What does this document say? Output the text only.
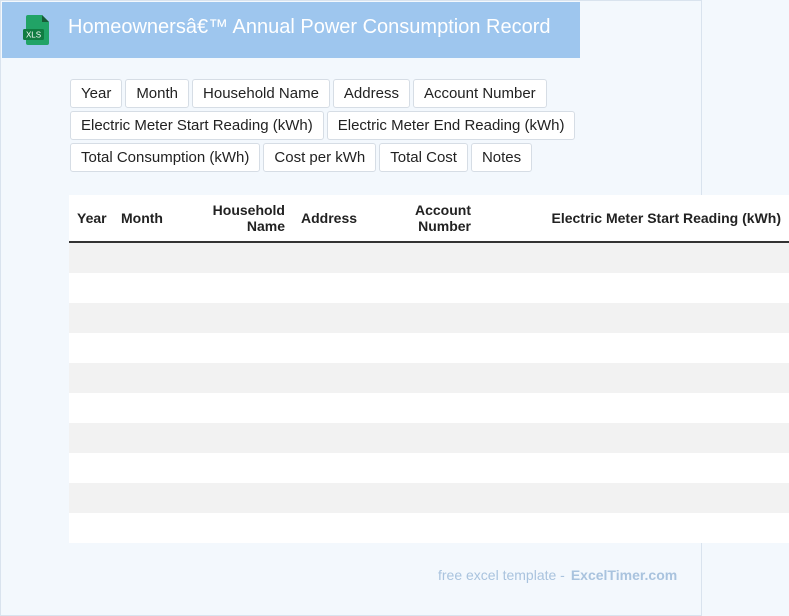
XLS Homeownersâ€™ Annual Power Consumption Record
Year	Month	Household Name	Address	Account Number
Electric Meter Start Reading (kWh)	Electric Meter End Reading (kWh)
Total Consumption (kWh)	Cost per kWh	Total Cost	Notes
Year	Month	Household Name	Address	Account Number	Electric Meter Start Reading (kWh)

free excel template - ExcelTimer.com
